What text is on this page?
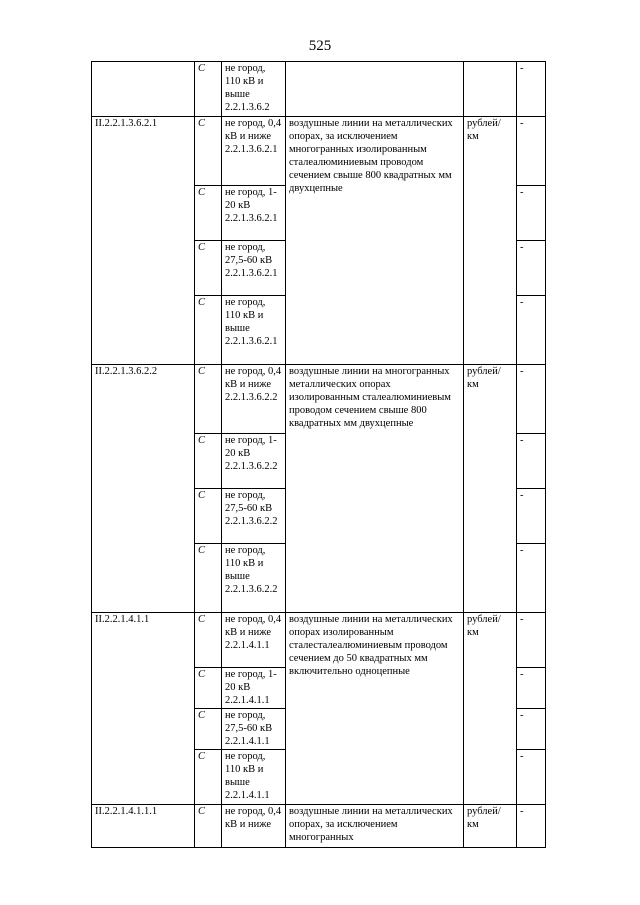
525
	С	не город, 110 кВ и выше 2.2.1.3.6.2			-
II.2.2.1.3.6.2.1	С	не город, 0,4 кВ и ниже 2.2.1.3.6.2.1	воздушные линии на металлических опорах, за исключением многогранных изолированным сталеалюминиевым проводом сечением свыше 800 квадратных мм двухцепные	рублей/ км	-
	С	не город, 1-20 кВ 2.2.1.3.6.2.1			-
	С	не город, 27,5-60 кВ 2.2.1.3.6.2.1			-
	С	не город, 110 кВ и выше 2.2.1.3.6.2.1			-
II.2.2.1.3.6.2.2	С	не город, 0,4 кВ и ниже 2.2.1.3.6.2.2	воздушные линии на многогранных металлических опорах изолированным сталеалюминиевым проводом сечением свыше 800 квадратных мм двухцепные	рублей/ км	-
	С	не город, 1-20 кВ 2.2.1.3.6.2.2			-
	С	не город, 27,5-60 кВ 2.2.1.3.6.2.2			-
	С	не город, 110 кВ и выше 2.2.1.3.6.2.2			-
II.2.2.1.4.1.1	С	не город, 0,4 кВ и ниже 2.2.1.4.1.1	воздушные линии на металлических опорах изолированным сталесталеалюминиевым проводом сечением до 50 квадратных мм включительно одноцепные	рублей/ км	-
	С	не город, 1-20 кВ 2.2.1.4.1.1			-
	С	не город, 27,5-60 кВ 2.2.1.4.1.1			-
	С	не город, 110 кВ и выше 2.2.1.4.1.1			-
II.2.2.1.4.1.1.1	С	не город, 0,4 кВ и ниже	воздушные линии на металлических опорах, за исключением многогранных	рублей/ км	-
